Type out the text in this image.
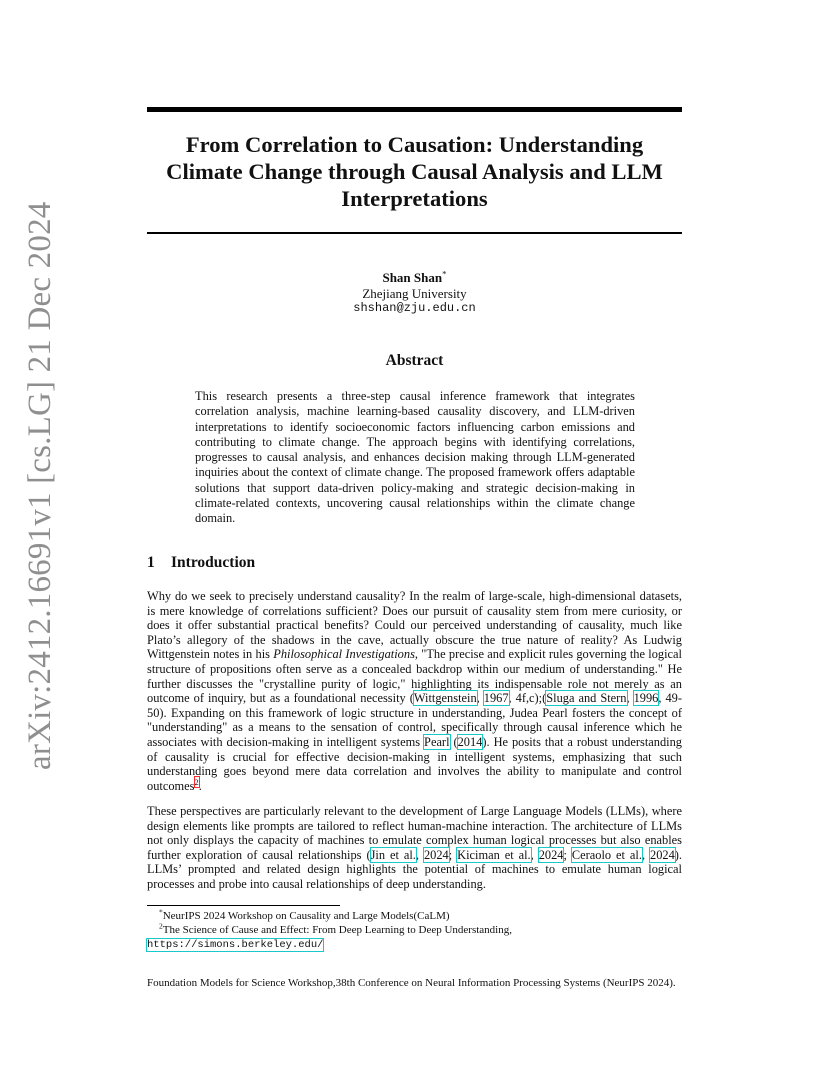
arXiv:2412.16691v1 [cs.LG] 21 Dec 2024
From Correlation to Causation: Understanding Climate Change through Causal Analysis and LLM Interpretations
Shan Shan*
Zhejiang University
shshan@zju.edu.cn
Abstract
This research presents a three-step causal inference framework that integrates correlation analysis, machine learning-based causality discovery, and LLM-driven interpretations to identify socioeconomic factors influencing carbon emissions and contributing to climate change. The approach begins with identifying correlations, progresses to causal analysis, and enhances decision making through LLM-generated inquiries about the context of climate change. The proposed framework offers adaptable solutions that support data-driven policy-making and strategic decision-making in climate-related contexts, uncovering causal relationships within the climate change domain.
1 Introduction
Why do we seek to precisely understand causality? In the realm of large-scale, high-dimensional datasets, is mere knowledge of correlations sufficient? Does our pursuit of causality stem from mere curiosity, or does it offer substantial practical benefits? Could our perceived understanding of causality, much like Plato’s allegory of the shadows in the cave, actually obscure the true nature of reality? As Ludwig Wittgenstein notes in his Philosophical Investigations, "The precise and explicit rules governing the logical structure of propositions often serve as a concealed backdrop within our medium of understanding." He further discusses the "crystalline purity of logic," highlighting its indispensable role not merely as an outcome of inquiry, but as a foundational necessity (Wittgenstein, 1967, 4f,c);(Sluga and Stern, 1996, 49-50). Expanding on this framework of logic structure in understanding, Judea Pearl fosters the concept of "understanding" as a means to the sensation of control, specifically through causal inference which he associates with decision-making in intelligent systems Pearl (2014). He posits that a robust understanding of causality is crucial for effective decision-making in intelligent systems, emphasizing that such understanding goes beyond mere data correlation and involves the ability to manipulate and control outcomes$^2$.
These perspectives are particularly relevant to the development of Large Language Models (LLMs), where design elements like prompts are tailored to reflect human-machine interaction. The architecture of LLMs not only displays the capacity of machines to emulate complex human logical processes but also enables further exploration of causal relationships (Jin et al., 2024; Kiciman et al., 2024; Ceraolo et al., 2024). LLMs’ prompted and related design highlights the potential of machines to emulate human logical processes and probe into causal relationships of deep understanding.
*NeurIPS 2024 Workshop on Causality and Large Models(CaLM)
$^2$The Science of Cause and Effect: From Deep Learning to Deep Understanding, https://simons.berkeley.edu/
Foundation Models for Science Workshop,38th Conference on Neural Information Processing Systems (NeurIPS 2024).
